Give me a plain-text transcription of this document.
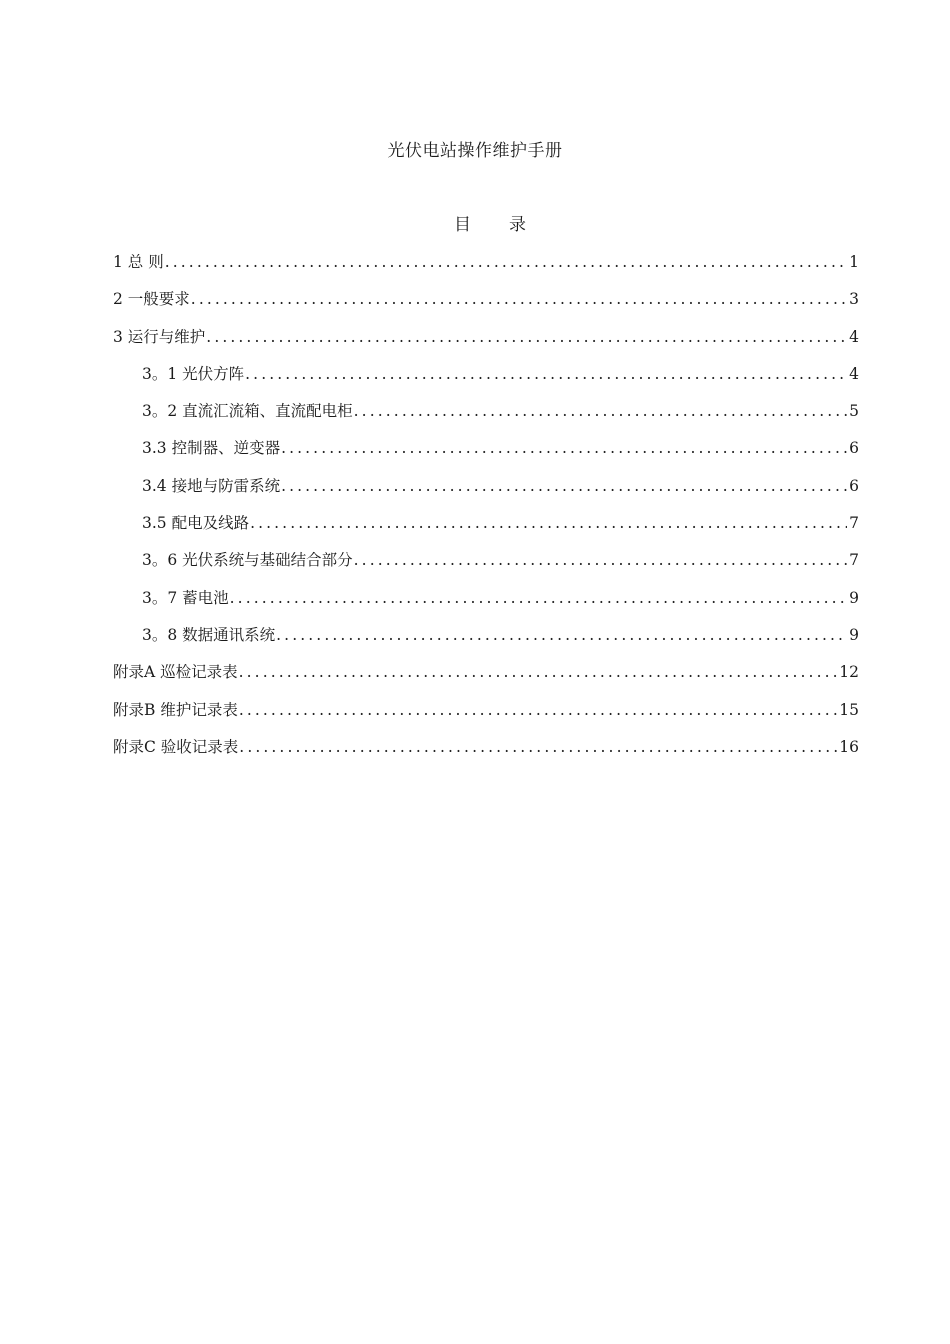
光伏电站操作维护手册
目 录
1 总 则 .....	1
2 一般要求 .....	3
3 运行与维护 .....	4
3。1 光伏方阵 .....	4
3。2 直流汇流箱、直流配电柜 .....	5
3.3 控制器、逆变器 .....	6
3.4 接地与防雷系统 .....	6
3.5 配电及线路 .....	7
3。6 光伏系统与基础结合部分 .....	7
3。7 蓄电池 .....	9
3。8 数据通讯系统 .....	9
附录A 巡检记录表 .....	12
附录B 维护记录表 .....	15
附录C 验收记录表 .....	16
